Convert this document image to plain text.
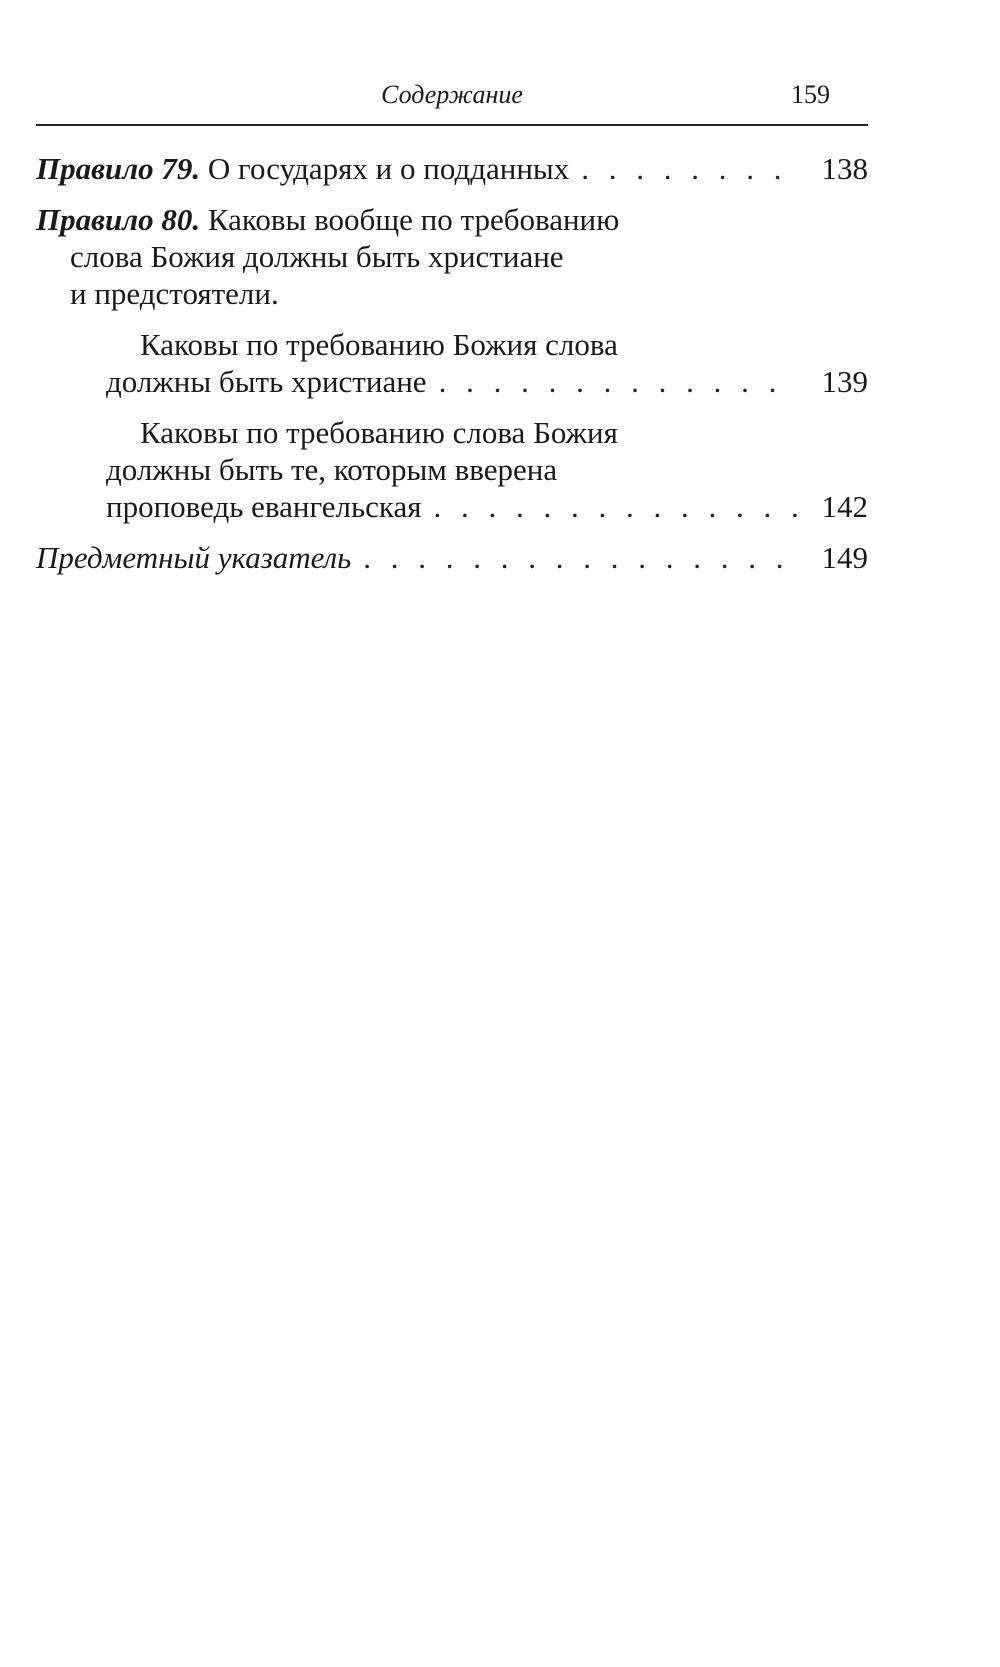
Содержание	159
Правило 79. О государях и о подданных . . .	138
Правило 80. Каковы вообще по требованию
слова Божия должны быть христиане
и предстоятели.
Каковы по требованию Божия слова
должны быть христиане . . .	139
Каковы по требованию слова Божия
должны быть те, которым вверена
проповедь евангельская . . .	142
Предметный указатель . . .	149
